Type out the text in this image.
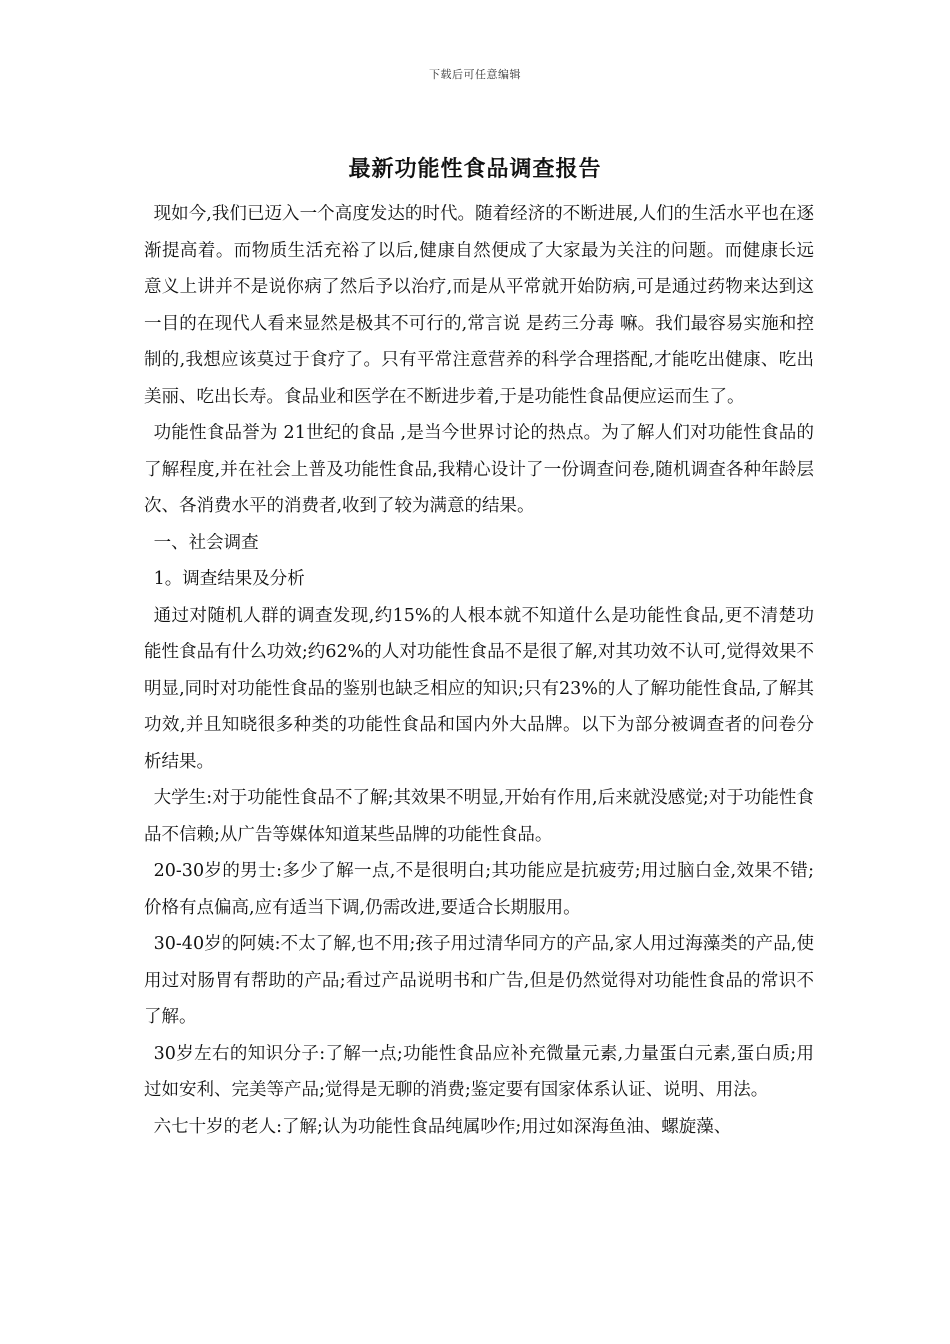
下载后可任意编辑
最新功能性食品调查报告

现如今,我们已迈入一个高度发达的时代。随着经济的不断进展,人们的生活水平也在逐渐提高着。而物质生活充裕了以后,健康自然便成了大家最为关注的问题。而健康长远意义上讲并不是说你病了然后予以治疗,而是从平常就开始防病,可是通过药物来达到这一目的在现代人看来显然是极其不可行的,常言说 是药三分毒 嘛。我们最容易实施和控制的,我想应该莫过于食疗了。只有平常注意营养的科学合理搭配,才能吃出健康、吃出美丽、吃出长寿。食品业和医学在不断进步着,于是功能性食品便应运而生了。

功能性食品誉为 21世纪的食品 ,是当今世界讨论的热点。为了解人们对功能性食品的了解程度,并在社会上普及功能性食品,我精心设计了一份调查问卷,随机调查各种年龄层次、各消费水平的消费者,收到了较为满意的结果。

一、社会调查

1。调查结果及分析

通过对随机人群的调查发现,约15%的人根本就不知道什么是功能性食品,更不清楚功能性食品有什么功效;约62%的人对功能性食品不是很了解,对其功效不认可,觉得效果不明显,同时对功能性食品的鉴别也缺乏相应的知识;只有23%的人了解功能性食品,了解其功效,并且知晓很多种类的功能性食品和国内外大品牌。以下为部分被调查者的问卷分析结果。

大学生:对于功能性食品不了解;其效果不明显,开始有作用,后来就没感觉;对于功能性食品不信赖;从广告等媒体知道某些品牌的功能性食品。

20-30岁的男士:多少了解一点,不是很明白;其功能应是抗疲劳;用过脑白金,效果不错;价格有点偏高,应有适当下调,仍需改进,要适合长期服用。

30-40岁的阿姨:不太了解,也不用;孩子用过清华同方的产品,家人用过海藻类的产品,使用过对肠胃有帮助的产品;看过产品说明书和广告,但是仍然觉得对功能性食品的常识不了解。

30岁左右的知识分子:了解一点;功能性食品应补充微量元素,力量蛋白元素,蛋白质;用过如安利、完美等产品;觉得是无聊的消费;鉴定要有国家体系认证、说明、用法。

六七十岁的老人:了解;认为功能性食品纯属吵作;用过如深海鱼油、螺旋藻、
